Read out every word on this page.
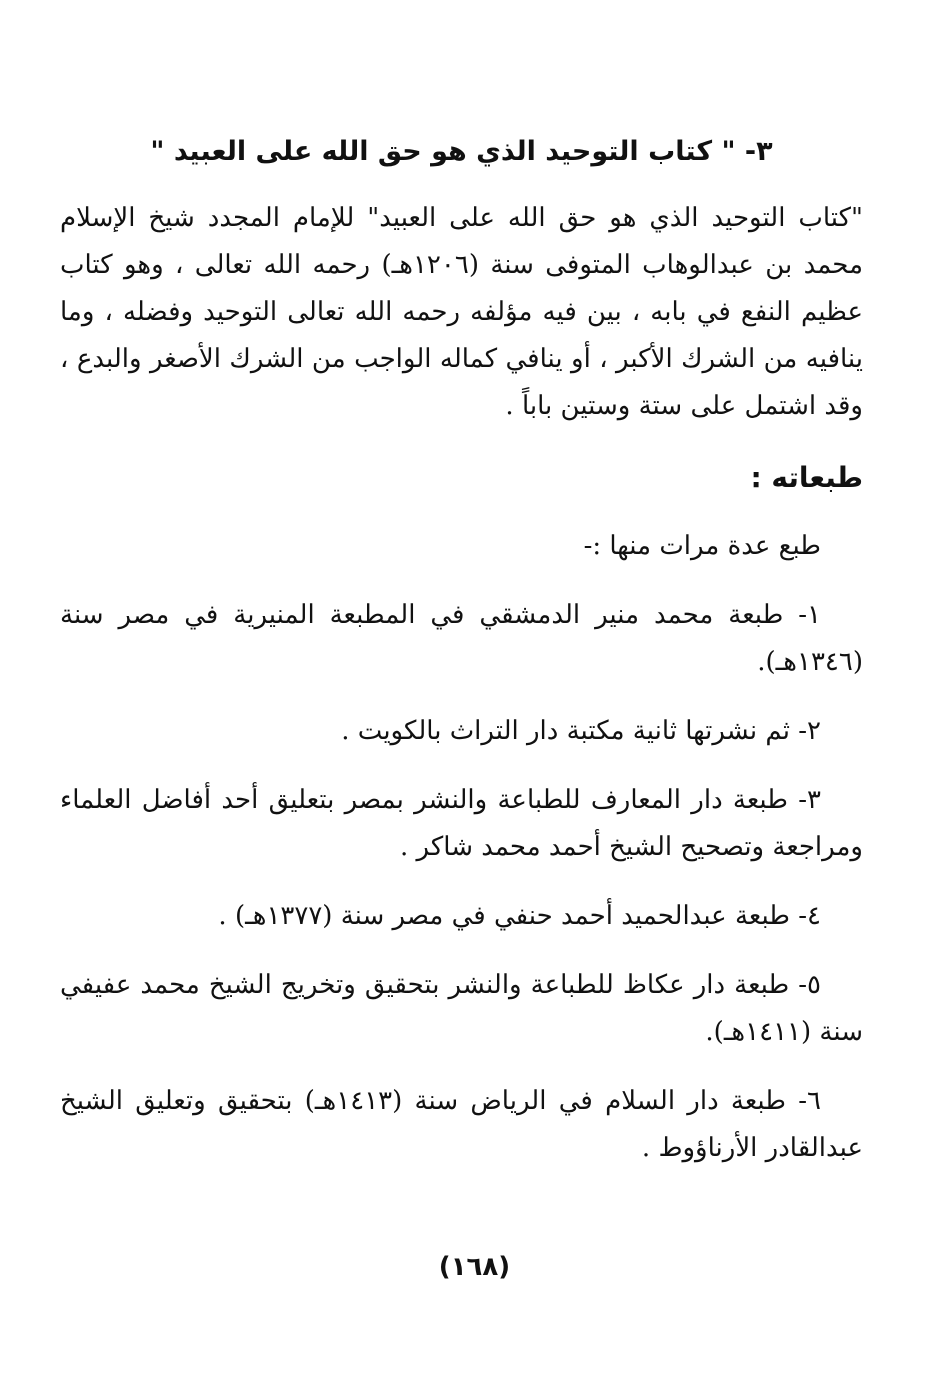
٣- " كتاب التوحيد الذي هو حق الله على العبيد "

"كتاب التوحيد الذي هو حق الله على العبيد" للإمام المجدد شيخ الإسلام محمد بن عبدالوهاب المتوفى سنة (١٢٠٦هـ) رحمه الله تعالى ، وهو كتاب عظيم النفع في بابه ، بين فيه مؤلفه رحمه الله تعالى التوحيد وفضله ، وما ينافيه من الشرك الأكبر ، أو ينافي كماله الواجب من الشرك الأصغر والبدع ، وقد اشتمل على ستة وستين باباً .

طبعاته :

طبع عدة مرات منها :-

١- طبعة محمد منير الدمشقي في المطبعة المنيرية في مصر سنة (١٣٤٦هـ).

٢- ثم نشرتها ثانية مكتبة دار التراث بالكويت .

٣- طبعة دار المعارف للطباعة والنشر بمصر بتعليق أحد أفاضل العلماء ومراجعة وتصحيح الشيخ أحمد محمد شاكر .

٤- طبعة عبدالحميد أحمد حنفي في مصر سنة (١٣٧٧هـ) .

٥- طبعة دار عكاظ للطباعة والنشر بتحقيق وتخريج الشيخ محمد عفيفي سنة (١٤١١هـ).

٦- طبعة دار السلام في الرياض سنة (١٤١٣هـ) بتحقيق وتعليق الشيخ عبدالقادر الأرناؤوط .

(١٦٨)
